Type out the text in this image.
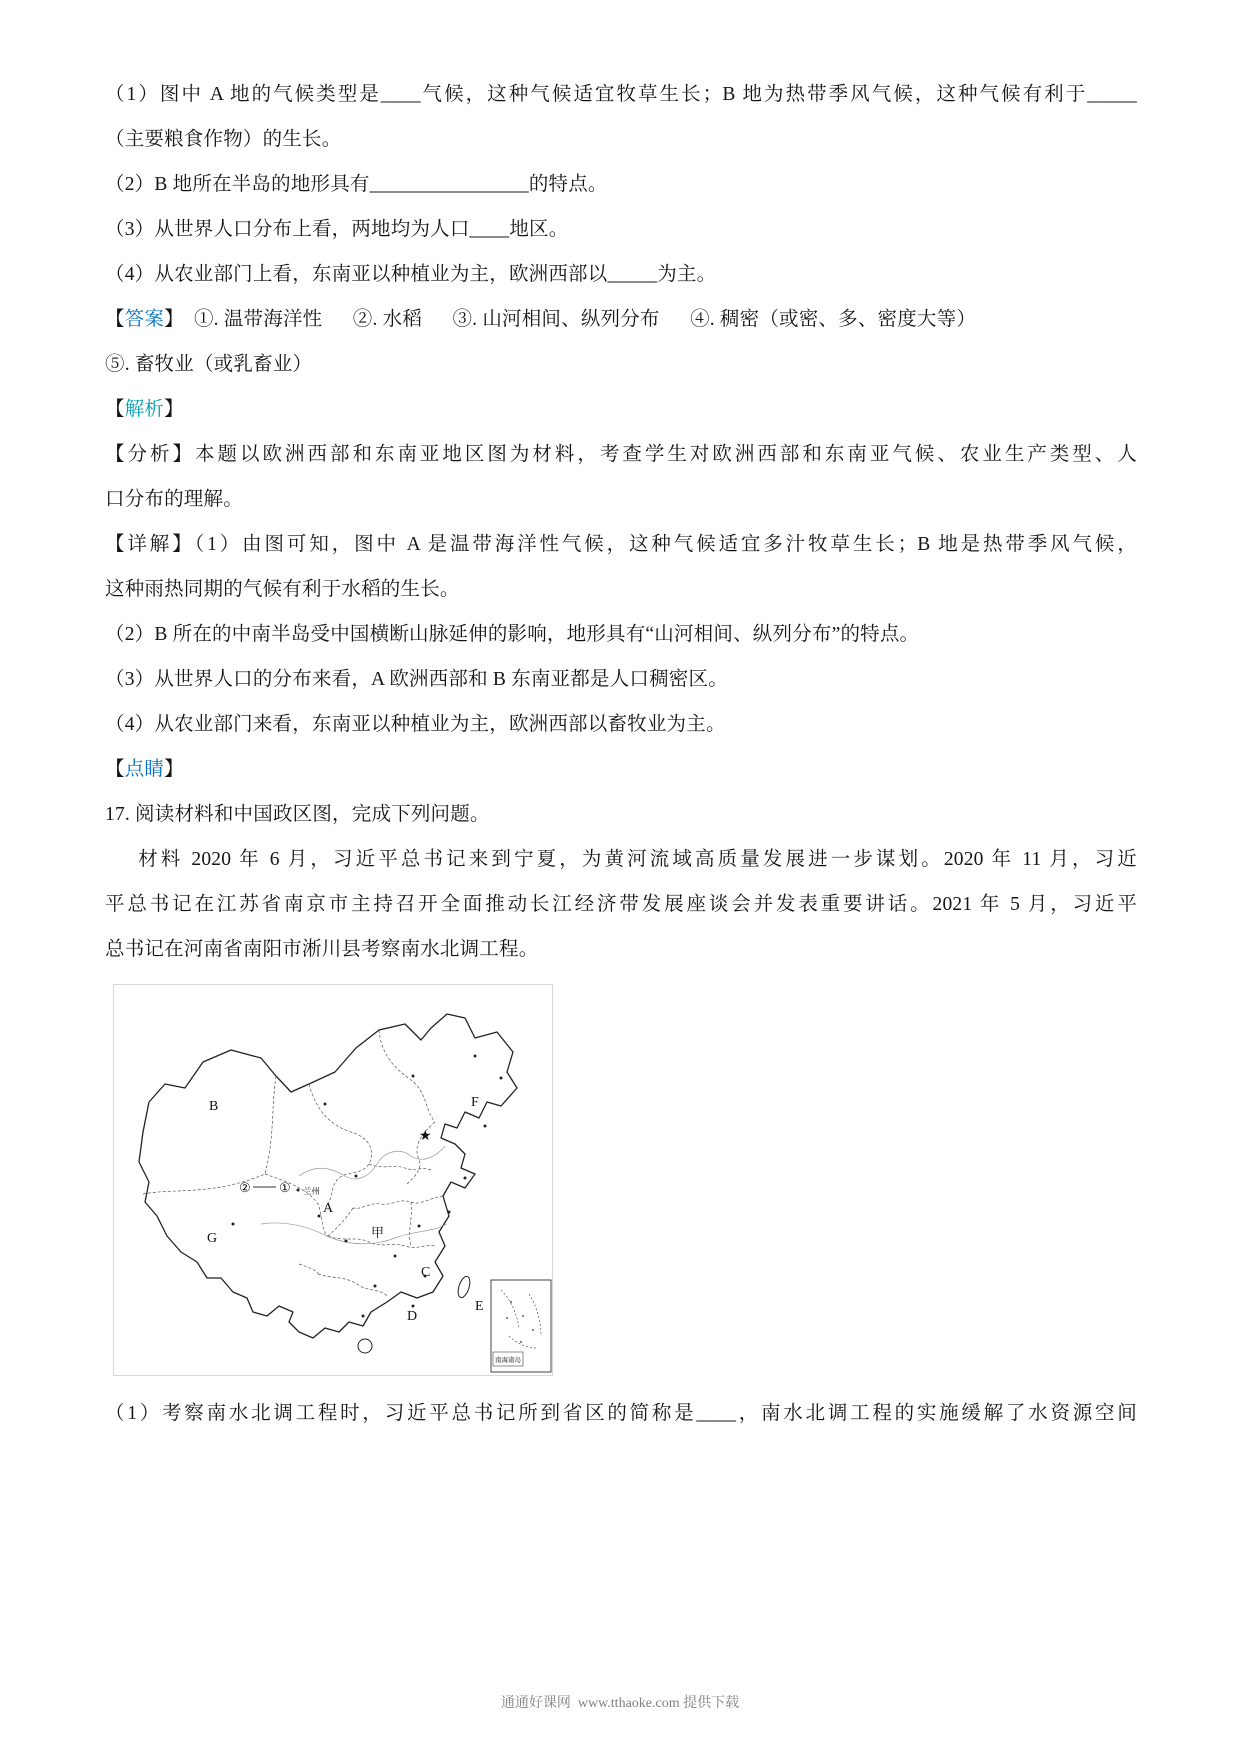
（1）图中 A 地的气候类型是____气候，这种气候适宜牧草生长；B 地为热带季风气候，这种气候有利于_____

（主要粮食作物）的生长。

（2）B 地所在半岛的地形具有________________的特点。

（3）从世界人口分布上看，两地均为人口____地区。

（4）从农业部门上看，东南亚以种植业为主，欧洲西部以_____为主。

【答案】  ①. 温带海洋性      ②. 水稻      ③. 山河相间、纵列分布      ④. 稠密（或密、多、密度大等）

⑤. 畜牧业（或乳畜业）

【解析】

【分析】本题以欧洲西部和东南亚地区图为材料，考查学生对欧洲西部和东南亚气候、农业生产类型、人

口分布的理解。

【详解】（1）由图可知，图中 A 是温带海洋性气候，这种气候适宜多汁牧草生长；B 地是热带季风气候，

这种雨热同期的气候有利于水稻的生长。

（2）B 所在的中南半岛受中国横断山脉延伸的影响，地形具有“山河相间、纵列分布”的特点。

（3）从世界人口的分布来看，A 欧洲西部和 B 东南亚都是人口稠密区。

（4）从农业部门来看，东南亚以种植业为主，欧洲西部以畜牧业为主。

【点睛】

17. 阅读材料和中国政区图，完成下列问题。

材料 2020 年 6 月，习近平总书记来到宁夏，为黄河流域高质量发展进一步谋划。2020 年 11 月，习近

平总书记在江苏省南京市主持召开全面推动长江经济带发展座谈会并发表重要讲话。2021 年 5 月，习近平

总书记在河南省南阳市淅川县考察南水北调工程。

★
B	F
② ① 兰州
A
甲
G
C
D
E
南海诸岛

（1）考察南水北调工程时，习近平总书记所到省区的简称是____，南水北调工程的实施缓解了水资源空间

通通好课网  www.tthaoke.com 提供下载
